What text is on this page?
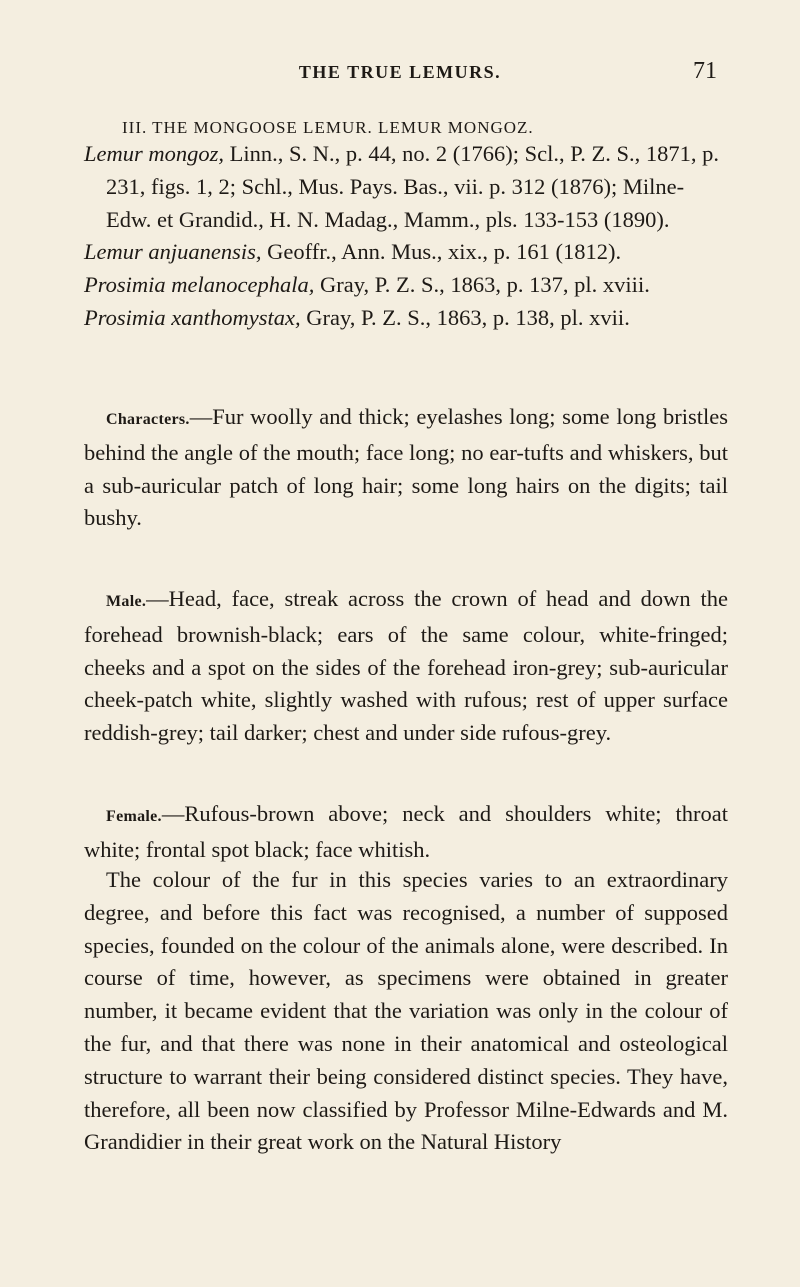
THE TRUE LEMURS.	71
III. THE MONGOOSE LEMUR. LEMUR MONGOZ.

Lemur mongoz, Linn., S. N., p. 44, no. 2 (1766); Scl., P. Z. S., 1871, p. 231, figs. 1, 2; Schl., Mus. Pays. Bas., vii. p. 312 (1876); Milne-Edw. et Grandid., H. N. Madag., Mamm., pls. 133-153 (1890).

Lemur anjuanensis, Geoffr., Ann. Mus., xix., p. 161 (1812).

Prosimia melanocephala, Gray, P. Z. S., 1863, p. 137, pl. xviii.

Prosimia xanthomystax, Gray, P. Z. S., 1863, p. 138, pl. xvii.

Characters.—Fur woolly and thick; eyelashes long; some long bristles behind the angle of the mouth; face long; no ear-tufts and whiskers, but a sub-auricular patch of long hair; some long hairs on the digits; tail bushy.

Male.—Head, face, streak across the crown of head and down the forehead brownish-black; ears of the same colour, white-fringed; cheeks and a spot on the sides of the forehead iron-grey; sub-auricular cheek-patch white, slightly washed with rufous; rest of upper surface reddish-grey; tail darker; chest and under side rufous-grey.

Female.—Rufous-brown above; neck and shoulders white; throat white; frontal spot black; face whitish.

The colour of the fur in this species varies to an extraordinary degree, and before this fact was recognised, a number of supposed species, founded on the colour of the animals alone, were described. In course of time, however, as specimens were obtained in greater number, it became evident that the variation was only in the colour of the fur, and that there was none in their anatomical and osteological structure to warrant their being considered distinct species. They have, therefore, all been now classified by Professor Milne-Edwards and M. Grandidier in their great work on the Natural History
